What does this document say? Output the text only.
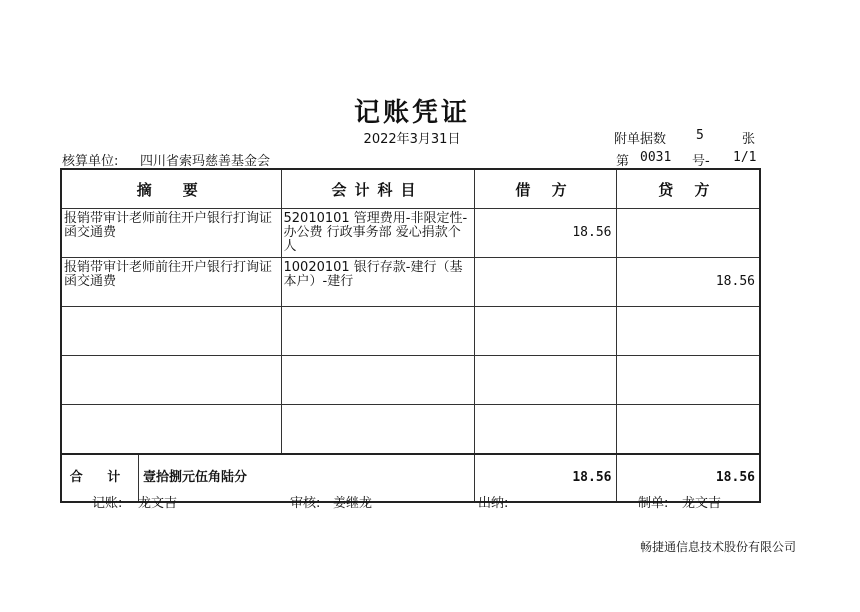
记账凭证
2022年3月31日	附单据数 5	张
核算单位: 四川省索玛慈善基金会	第 0031 号- 1/1
摘　要	会计科目	借 方	贷 方
报销带审计老师前往开户银行打询证函交通费	52010101 管理费用-非限定性-办公费 行政事务部 爱心捐款个人	18.56	
报销带审计老师前往开户银行打询证函交通费	10020101 银行存款-建行（基本户）-建行		18.56

合 计 壹拾捌元伍角陆分		18.56	18.56
记账: 龙文吉	审核: 姜继龙	出纳:	制单: 龙文吉
畅捷通信息技术股份有限公司
